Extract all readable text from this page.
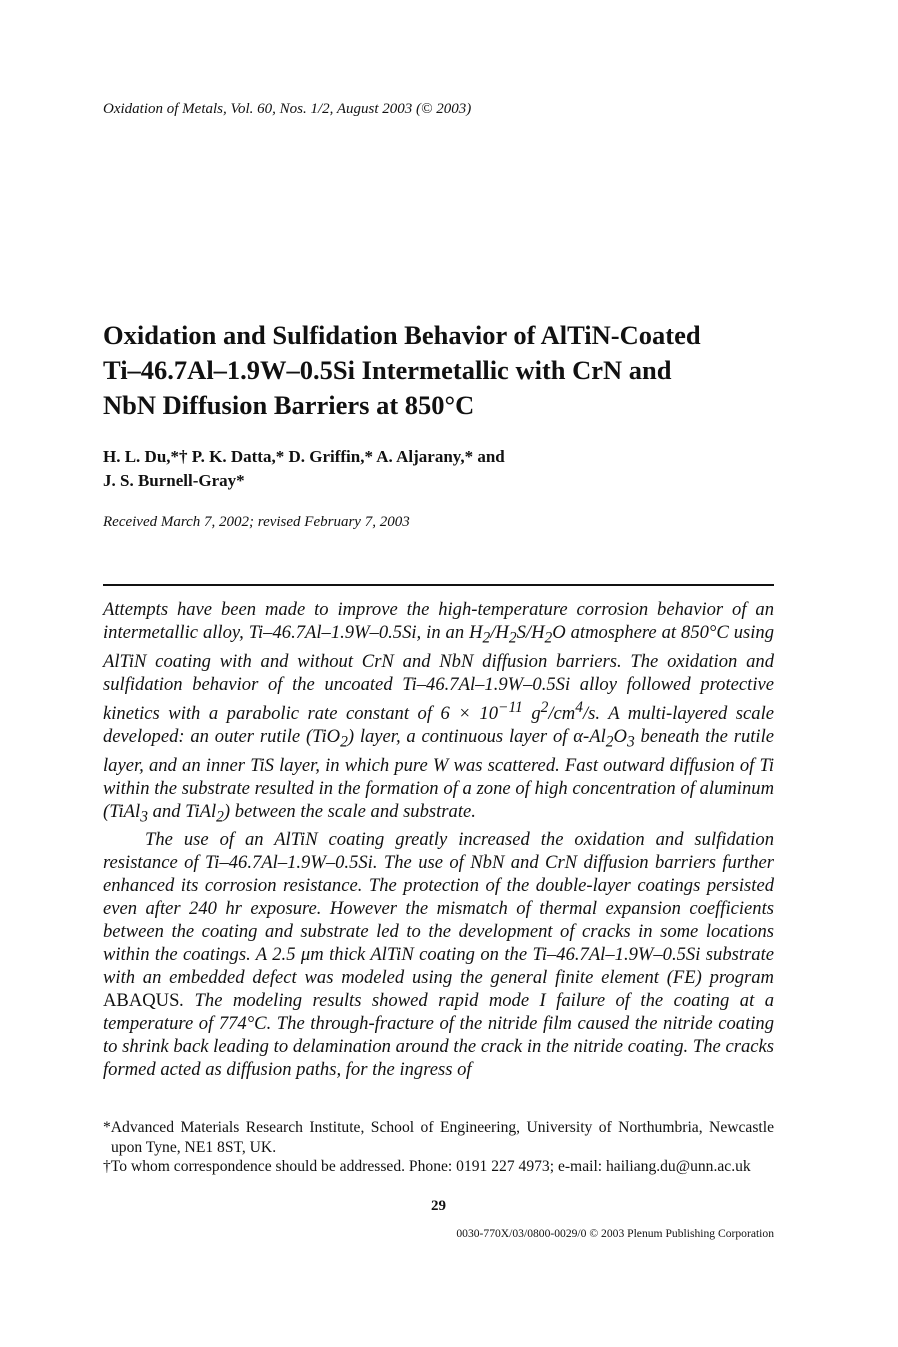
Oxidation of Metals, Vol. 60, Nos. 1/2, August 2003 (© 2003)
Oxidation and Sulfidation Behavior of AlTiN-Coated
Ti–46.7Al–1.9W–0.5Si Intermetallic with CrN and
NbN Diffusion Barriers at 850°C
H. L. Du,*† P. K. Datta,* D. Griffin,* A. Aljarany,* and
J. S. Burnell-Gray*
Received March 7, 2002; revised February 7, 2003

Attempts have been made to improve the high-temperature corrosion behavior of an intermetallic alloy, Ti–46.7Al–1.9W–0.5Si, in an $H_2/H_2S/H_2O$ atmosphere at 850°C using AlTiN coating with and without CrN and NbN diffusion barriers. The oxidation and sulfidation behavior of the uncoated Ti–46.7Al–1.9W–0.5Si alloy followed protective kinetics with a parabolic rate constant of $6 \times 10^{-11}$ $g^2/cm^4/s$. A multi-layered scale developed: an outer rutile (TiO$_2$) layer, a continuous layer of $\alpha-Al_2O_3$ beneath the rutile layer, and an inner TiS layer, in which pure W was scattered. Fast outward diffusion of Ti within the substrate resulted in the formation of a zone of high concentration of aluminum (TiAl$_3$ and TiAl$_2$) between the scale and substrate.

The use of an AlTiN coating greatly increased the oxidation and sulfidation resistance of Ti–46.7Al–1.9W–0.5Si. The use of NbN and CrN diffusion barriers further enhanced its corrosion resistance. The protection of the double-layer coatings persisted even after 240 hr exposure. However the mismatch of thermal expansion coefficients between the coating and substrate led to the development of cracks in some locations within the coatings. A 2.5 μm thick AlTiN coating on the Ti–46.7Al–1.9W–0.5Si substrate with an embedded defect was modeled using the general finite element (FE) program ABAQUS. The modeling results showed rapid mode I failure of the coating at a temperature of 774°C. The through-fracture of the nitride film caused the nitride coating to shrink back leading to delamination around the crack in the nitride coating. The cracks formed acted as diffusion paths, for the ingress of

*Advanced Materials Research Institute, School of Engineering, University of Northumbria, Newcastle upon Tyne, NE1 8ST, UK.

†To whom correspondence should be addressed. Phone: 0191 227 4973; e-mail: hailiang.du@unn.ac.uk

29
0030-770X/03/0800-0029/0 © 2003 Plenum Publishing Corporation
